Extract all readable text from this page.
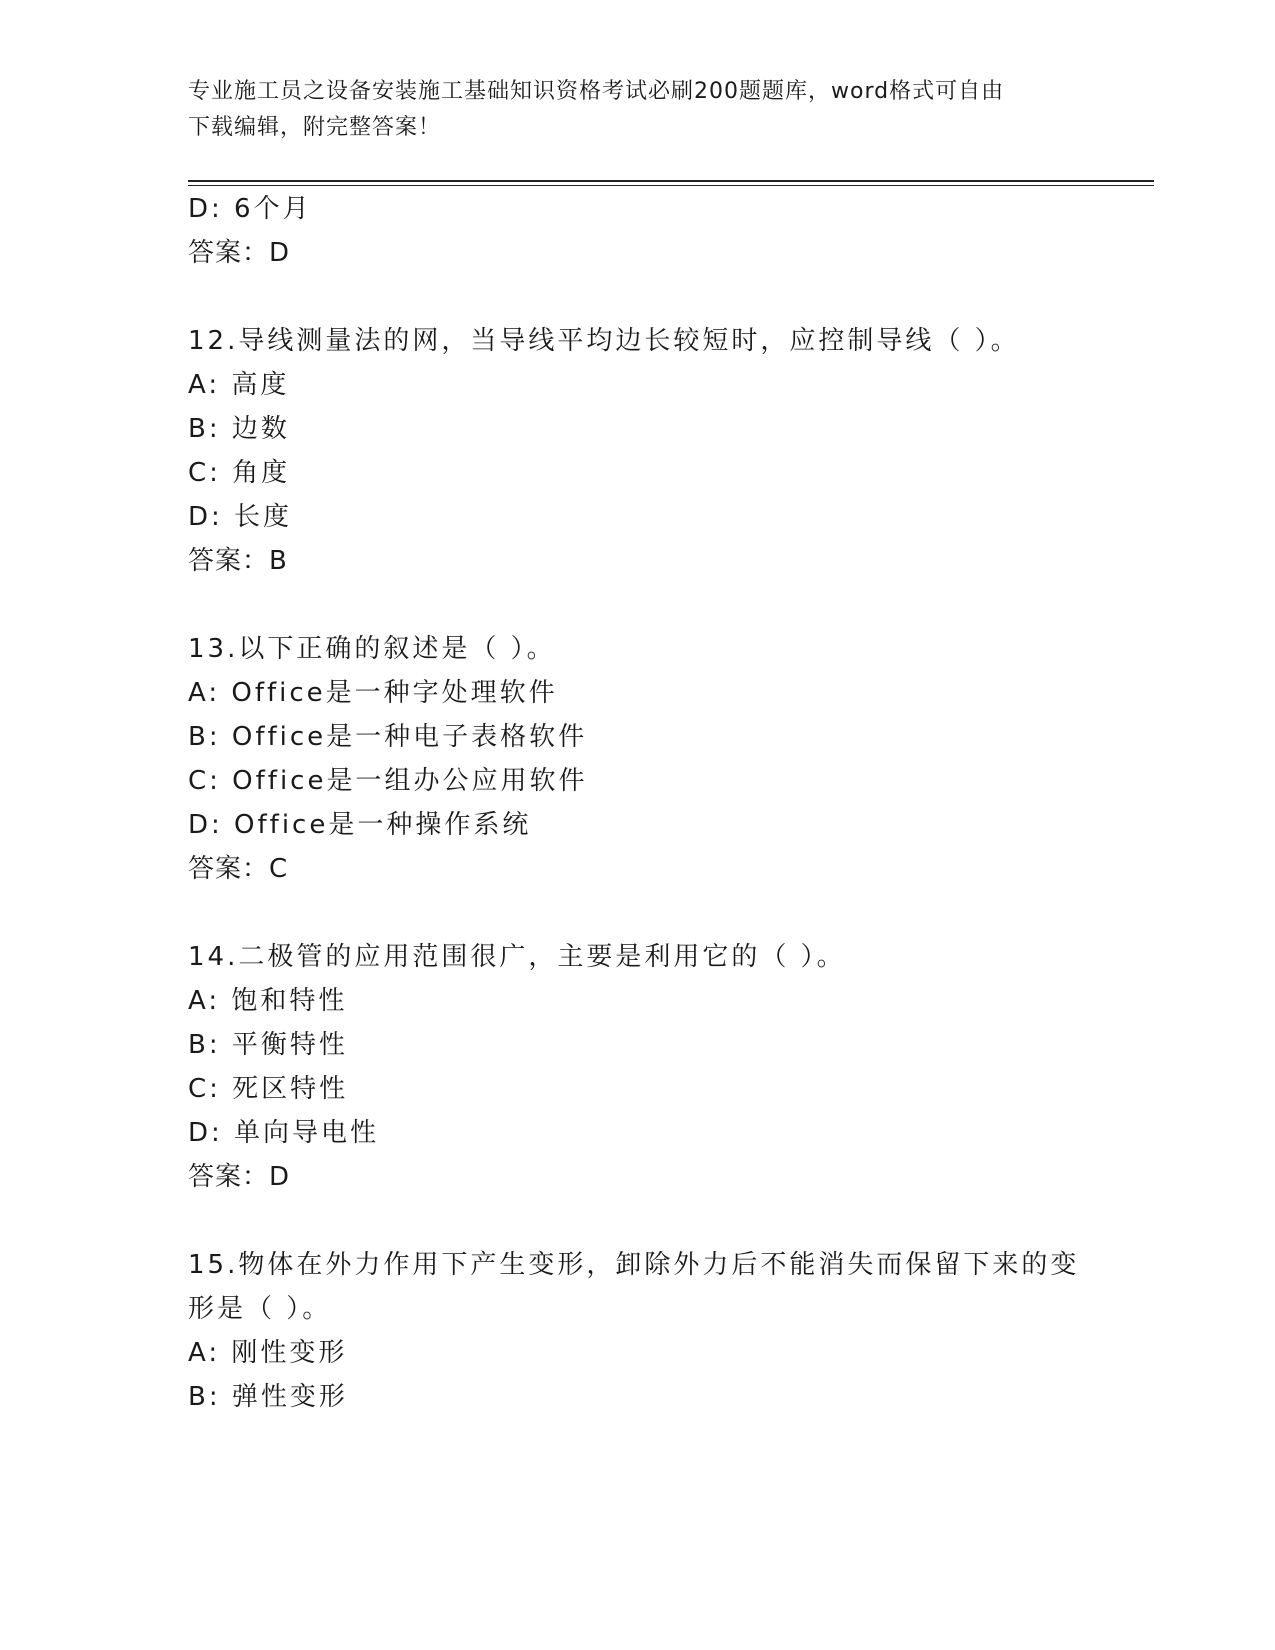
专业施工员之设备安装施工基础知识资格考试必刷200题题库，word格式可自由
下载编辑，附完整答案！
D: 6个月
答案：D
12.导线测量法的网，当导线平均边长较短时，应控制导线（ ）。
A: 高度
B: 边数
C: 角度
D: 长度
答案：B
13.以下正确的叙述是（ ）。
A: Office是一种字处理软件
B: Office是一种电子表格软件
C: Office是一组办公应用软件
D: Office是一种操作系统
答案：C
14.二极管的应用范围很广，主要是利用它的（ ）。
A: 饱和特性
B: 平衡特性
C: 死区特性
D: 单向导电性
答案：D
15.物体在外力作用下产生变形，卸除外力后不能消失而保留下来的变
形是（ ）。
A: 刚性变形
B: 弹性变形
